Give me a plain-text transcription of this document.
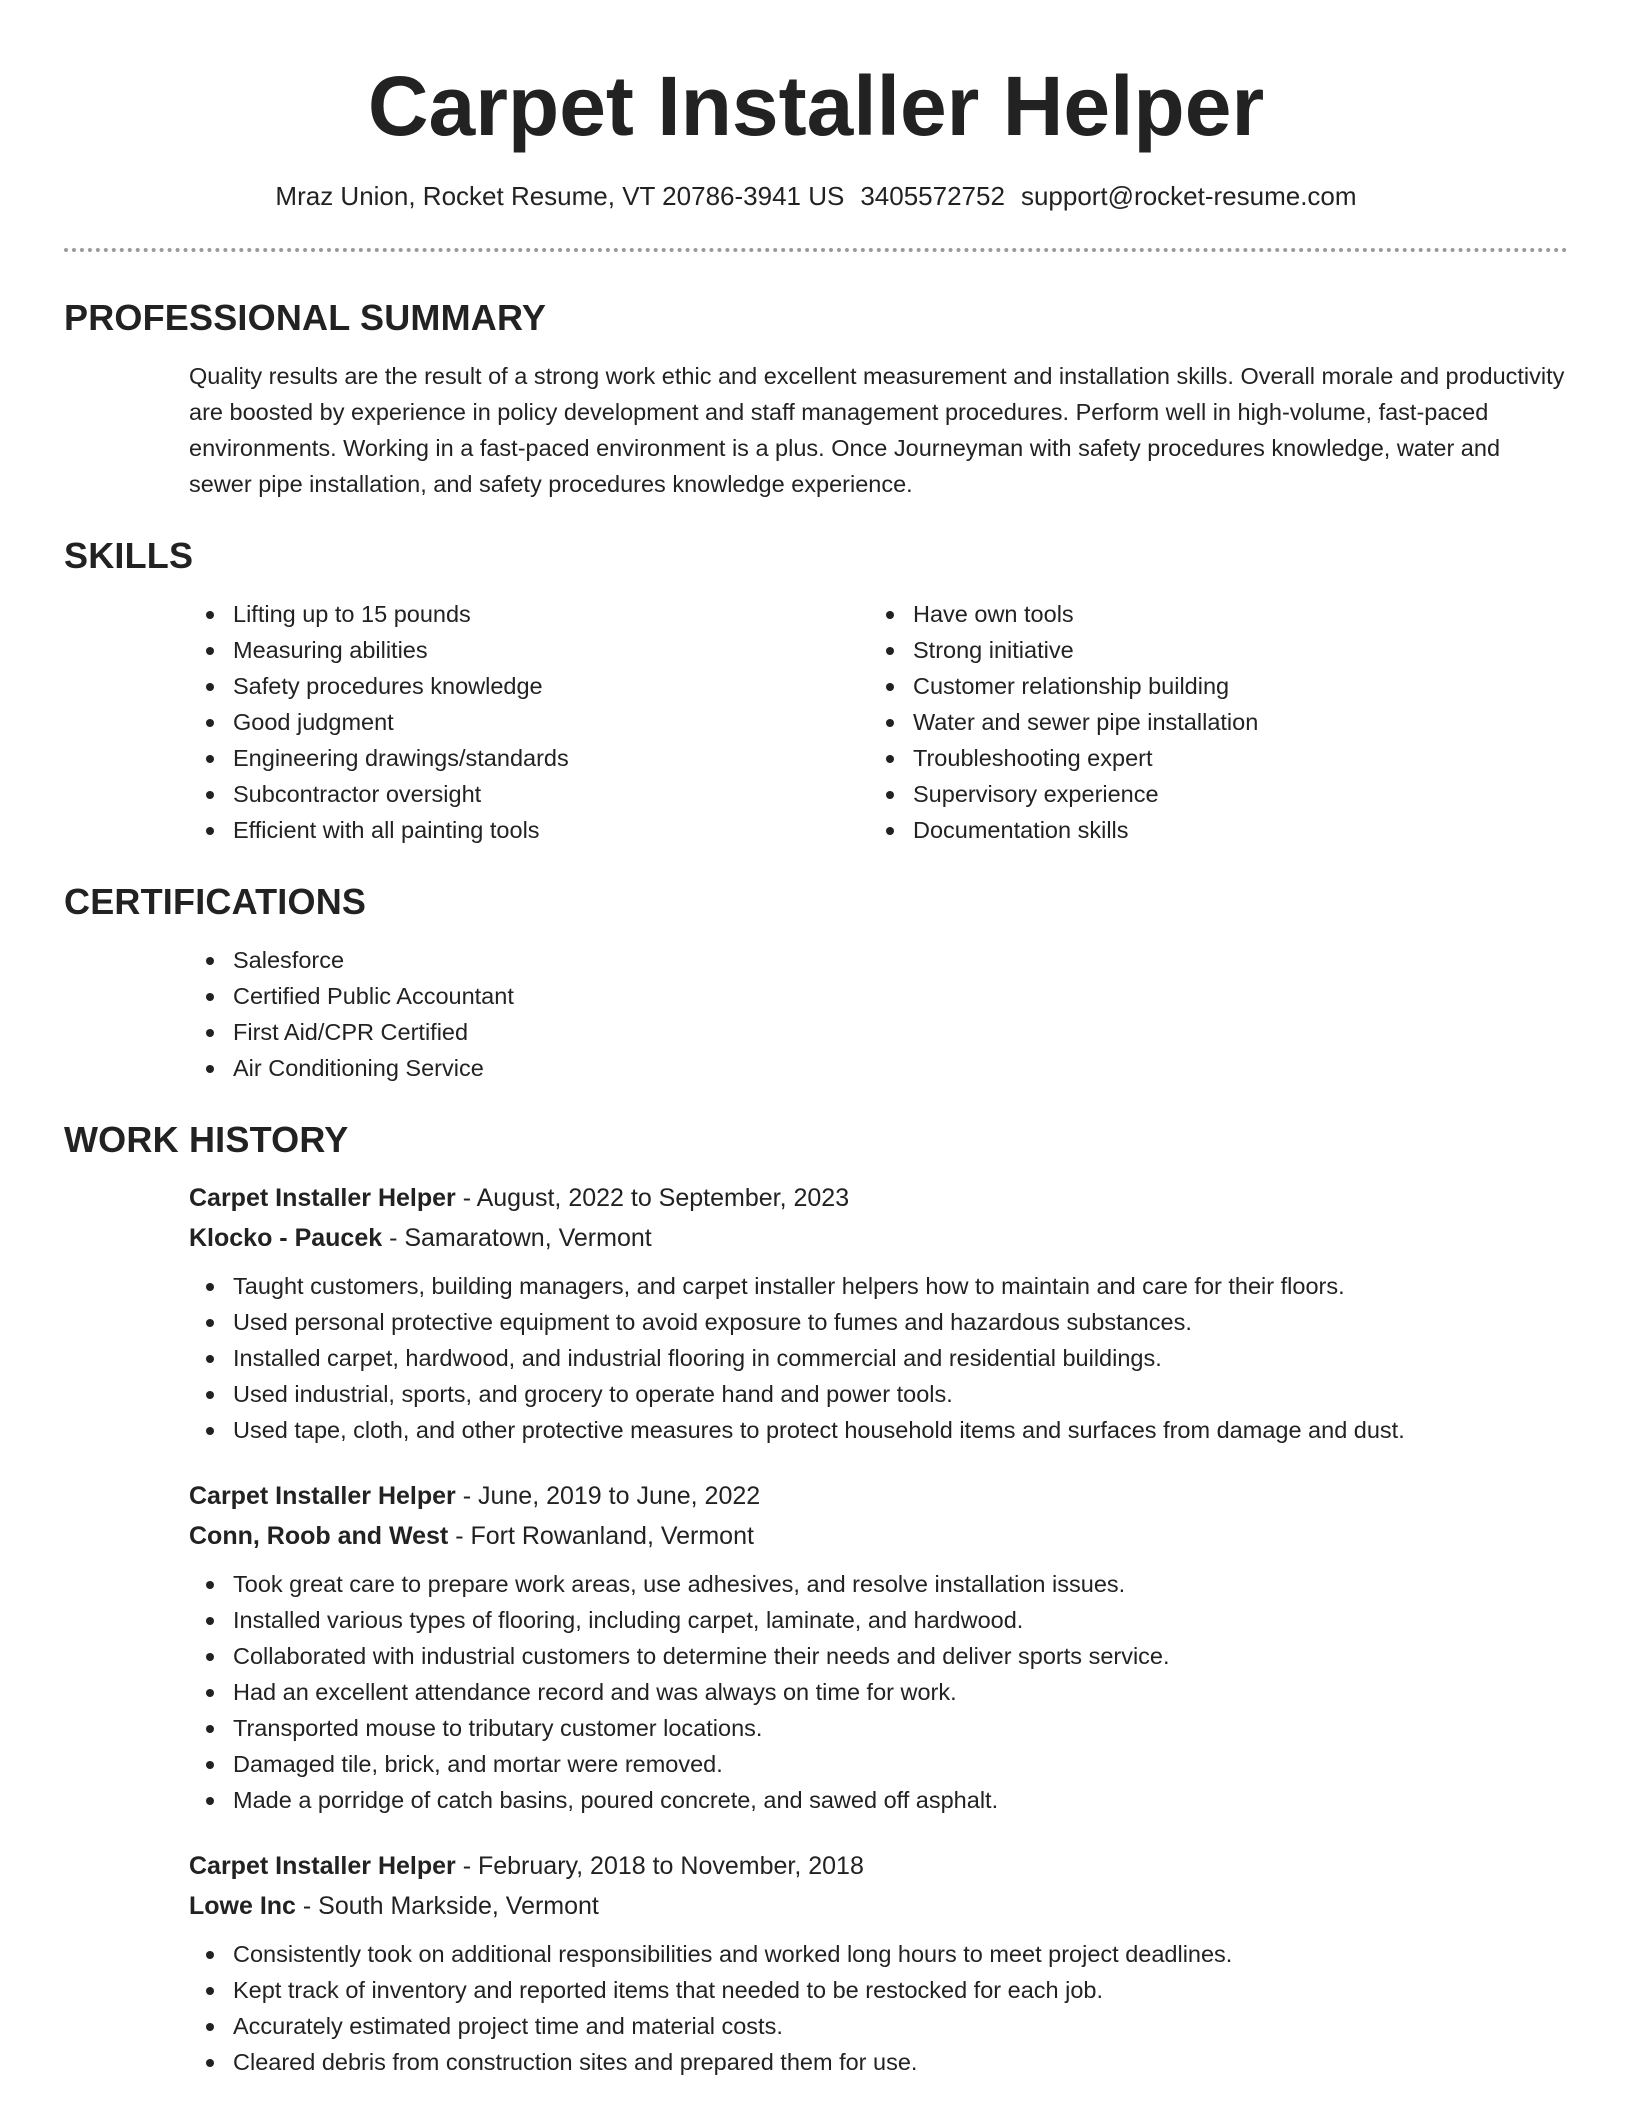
Carpet Installer Helper
Mraz Union, Rocket Resume, VT 20786-3941 US 3405572752 support@rocket-resume.com
PROFESSIONAL SUMMARY

Quality results are the result of a strong work ethic and excellent measurement and installation skills. Overall morale and productivity are boosted by experience in policy development and staff management procedures. Perform well in high-volume, fast-paced environments. Working in a fast-paced environment is a plus. Once Journeyman with safety procedures knowledge, water and sewer pipe installation, and safety procedures knowledge experience.

SKILLS
Lifting up to 15 pounds
Measuring abilities
Safety procedures knowledge
Good judgment
Engineering drawings/standards
Subcontractor oversight
Efficient with all painting tools
Have own tools
Strong initiative
Customer relationship building
Water and sewer pipe installation
Troubleshooting expert
Supervisory experience
Documentation skills
CERTIFICATIONS
Salesforce
Certified Public Accountant
First Aid/CPR Certified
Air Conditioning Service
WORK HISTORY
Carpet Installer Helper - August, 2022 to September, 2023
Klocko - Paucek - Samaratown, Vermont
Taught customers, building managers, and carpet installer helpers how to maintain and care for their floors.
Used personal protective equipment to avoid exposure to fumes and hazardous substances.
Installed carpet, hardwood, and industrial flooring in commercial and residential buildings.
Used industrial, sports, and grocery to operate hand and power tools.
Used tape, cloth, and other protective measures to protect household items and surfaces from damage and dust.
Carpet Installer Helper - June, 2019 to June, 2022
Conn, Roob and West - Fort Rowanland, Vermont
Took great care to prepare work areas, use adhesives, and resolve installation issues.
Installed various types of flooring, including carpet, laminate, and hardwood.
Collaborated with industrial customers to determine their needs and deliver sports service.
Had an excellent attendance record and was always on time for work.
Transported mouse to tributary customer locations.
Damaged tile, brick, and mortar were removed.
Made a porridge of catch basins, poured concrete, and sawed off asphalt.
Carpet Installer Helper - February, 2018 to November, 2018
Lowe Inc - South Markside, Vermont
Consistently took on additional responsibilities and worked long hours to meet project deadlines.
Kept track of inventory and reported items that needed to be restocked for each job.
Accurately estimated project time and material costs.
Cleared debris from construction sites and prepared them for use.
